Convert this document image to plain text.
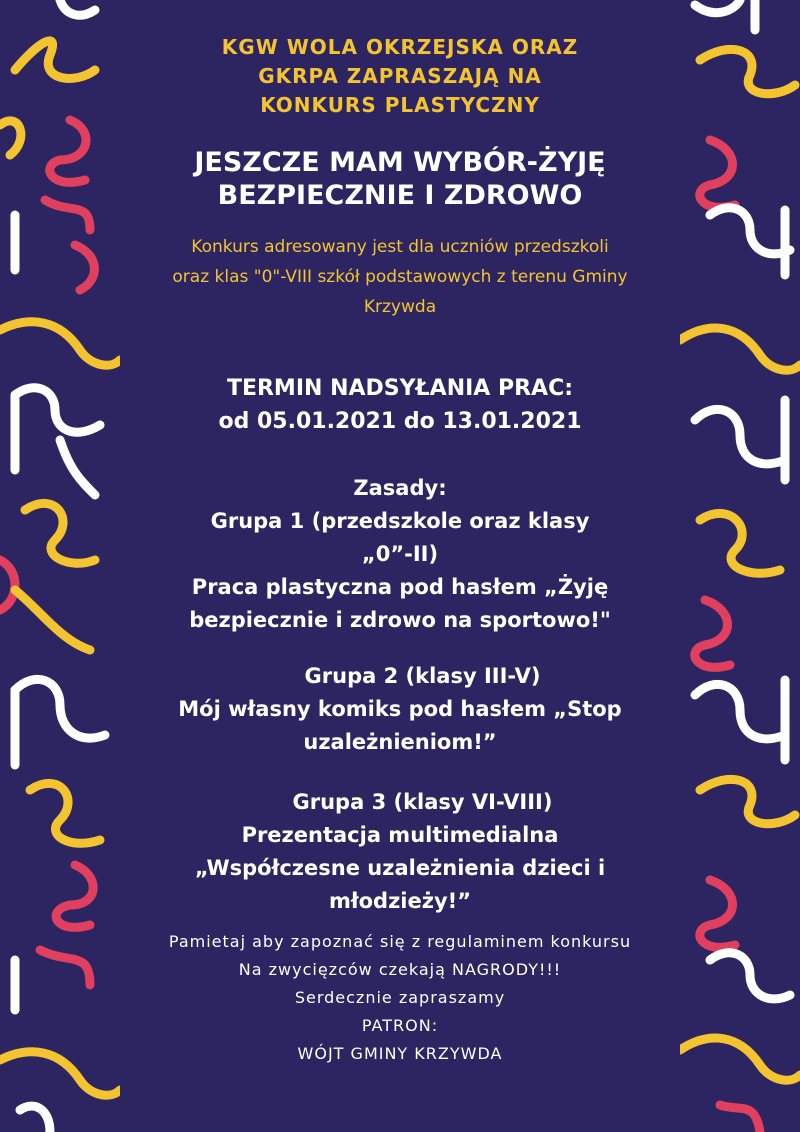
KGW WOLA OKRZEJSKA ORAZ
GKRPA ZAPRASZAJĄ NA
KONKURS PLASTYCZNY
JESZCZE MAM WYBÓR-ŻYJĘ
BEZPIECZNIE I ZDROWO
Konkurs adresowany jest dla uczniów przedszkoli
oraz klas "0"-VIII szkół podstawowych z terenu Gminy
Krzywda
TERMIN NADSYŁANIA PRAC:
od 05.01.2021 do 13.01.2021
Zasady:
Grupa 1 (przedszkole oraz klasy
„0”-II)
Praca plastyczna pod hasłem „Żyję
bezpiecznie i zdrowo na sportowo!"
Grupa 2 (klasy III-V)
Mój własny komiks pod hasłem „Stop
uzależnieniom!”
Grupa 3 (klasy VI-VIII)
Prezentacja multimedialna
„Współczesne uzależnienia dzieci i
młodzieży!”
Pamietaj aby zapoznać się z regulaminem konkursu
Na zwycięzców czekają NAGRODY!!!
Serdecznie zapraszamy
PATRON:
WÓJT GMINY KRZYWDA
